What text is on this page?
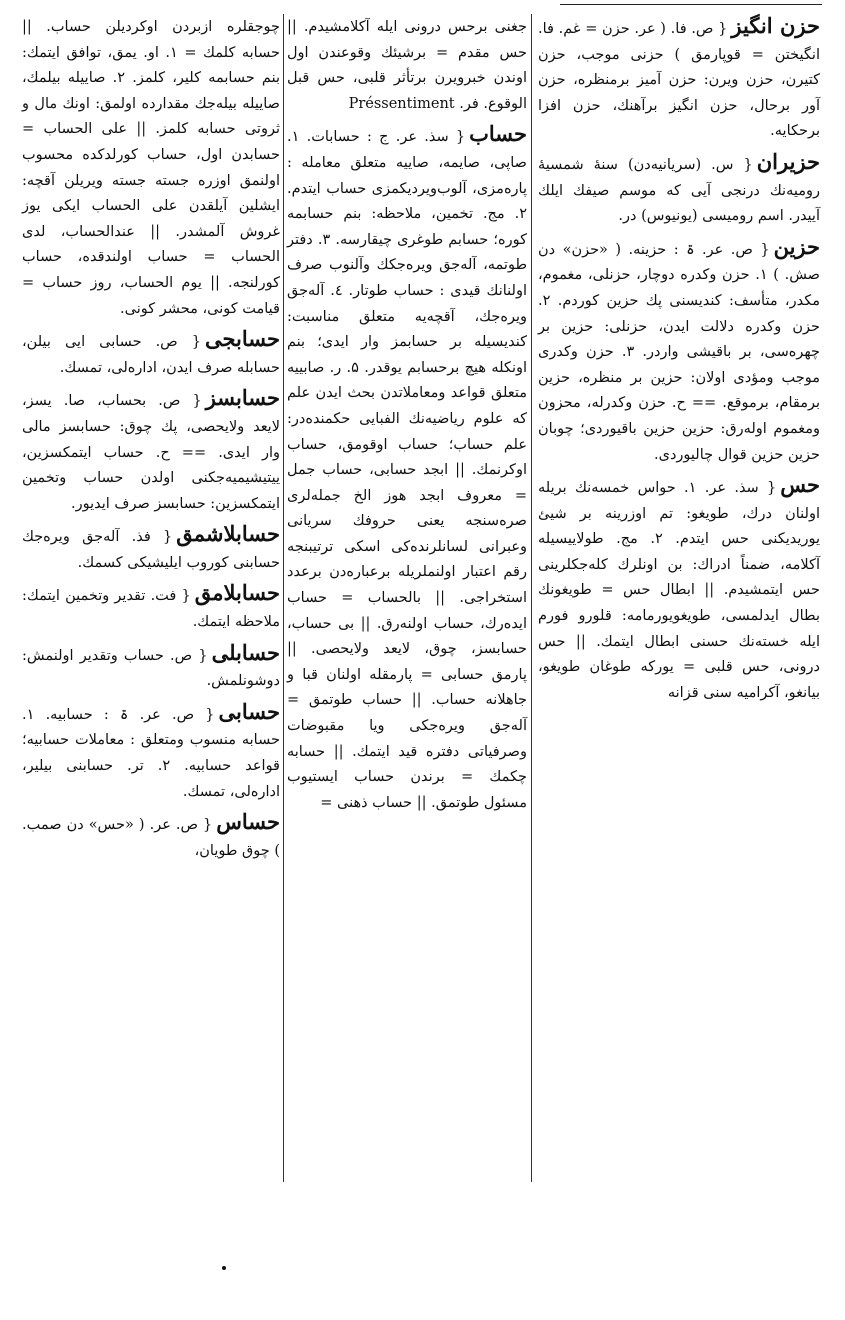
حزن انگیز{ ص. فا. ( عر. حزن = غم. فا. انگیختن = قوپارمق ) حزنی موجب، حزن کتیرن، حزن ویرن: حزن آمیز برمنظره، حزن آور برحال، حزن انگیز برآهنك، حزن افزا برحکایه.

حزیران{ س. (سریانیه‌دن) سنهٔ شمسیهٔ رومیه‌نك درنجی آیی که موسم صیفك ایلك آییدر. اسم رومیسی (یونیوس) در.

حزین{ ص. عر. ۃ : حزینه. ( «حزن» دن صش. ) ۱. حزن وکدره دوچار، حزنلی، مغموم، مکدر، متأسف: کندیسنی پك حزین کوردم. ۲. حزن وکدره دلالت ایدن، حزنلی: حزین بر چهره‌سی، بر باقیشی واردر. ۳. حزن وکدری موجب ومؤدی اولان: حزین بر منظره، حزین برمقام، برموقع. == ح. حزن وکدرله، محزون ومغموم اوله‌رق: حزین حزین باقیوردی؛ چوبان حزین حزین قوال چالیوردی.

حس{ سذ. عر. ۱. حواس خمسه‌نك بریله اولنان درك، طویغو: تم اوزرینه بر شیئ یوریدیکنی حس ایتدم. ۲. مج. طولاییسیله آکلامه، ضمناً ادراك: بن اونلرك کله‌جکلرینی حس ایتمشیدم. || ابطال حس = طویغونك بطال ایدلمسی، طویغویورمامه: قلورو فورم ایله خسته‌نك حسنی ابطال ایتمك. || حس درونی، حس قلبی = یورکه طوغان طویغو، بیانغو، آکرامیه سنی قزانه‌

جغنی برحس درونی ایله آکلامشیدم. || حس مقدم = برشیئك وقوعندن اول اوندن خبرویرن برتأثر قلبی، حس قبل الوقوع. فر. Préssentiment

حساب{ سذ. عر. ج : حسابات. ۱. صاپی، صایمه، صاییه متعلق معامله : پاره‌مزی، آلوب‌ویردیکمزی حساب ایتدم. ۲. مج. تخمین، ملاحظه: بنم حسابمه کوره؛ حسابم طوغری چیقارسه. ۳. دفتر طوتمه، آله‌جق ویره‌جکك وآلنوب صرف اولنانك قیدی : حساب طوتار. ٤. آله‌جق ویره‌جك، آقچه‌یه متعلق مناسبت: کندیسیله بر حسابمز وار ایدی؛ بنم اونکله هیچ برحسابم یوقدر. ۵. ر. صابییه متعلق قواعد ومعاملاتدن بحث ایدن علم که علوم ریاضیه‌نك الفبایی حکمنده‌در: علم حساب؛ حساب اوقومق، حساب اوکرنمك. || ابجد حسابی، حساب جمل = معروف ابجد هوز الخ جمله‌لری صره‌سنجه یعنی حروفك سریانی وعبرانی لسانلرنده‌کی اسکی ترتیبنجه رقم اعتبار اولنملریله برعباره‌دن برعدد استخراجی. || بالحساب = حساب ایدەرك، حساب اولنه‌رق. || بی حساب، حسابسز، چوق، لایعد ولایحصی. || پارمق حسابی = پارمقله اولنان قبا و جاهلانه حساب. || حساب طوتمق = آله‌جق ویره‌جکی ویا مقبوضات وصرفیاتی دفتره قید ایتمك. || حسابه چکمك = برندن حساب ایستیوب مسئول طوتمق. || حساب ذهنی =

چوجقلره ازبردن اوکردیلن حساب. || حسابه کلمك = ۱. او. یمق، توافق ایتمك: بنم حسابمه کلیر، کلمز. ۲. صاییله بیلمك، صاییله بیله‌جك مقدارده اولمق: اونك مال و ثروتی حسابه کلمز. || علی الحساب = حسابدن اول، حساب کورلدکده محسوب اولنمق اوزره جسته جسته ویریلن آقچه: ایشلین آیلقدن علی الحساب ایکی یوز غروش آلمشدر. || عندالحساب، لدی الحساب = حساب اولندقده، حساب کورلنجه. || یوم الحساب، روز حساب = قیامت کونی، محشر کونی.

حسابجی{ ص. حسابی ایی بیلن، حسابله صرف ایدن، اداره‌لی، تمسك.

حسابسز{ ص. بحساب، صا. یسز، لایعد ولایحصی، پك چوق: حسابسز مالی وار ایدی. == ح. حساب ایتمکسزین، ییتیشیمیه‌جکنی اولدن حساب وتخمین ایتمکسزین: حسابسز صرف ایدیور.

حسابلاشمق{ فذ. آله‌جق ویره‌جك حسابنی کوروب ایلیشیکی کسمك.

حسابلامق{ فت. تقدیر وتخمین ایتمك: ملاحظه ایتمك.

حسابلی{ ص. حساب وتقدیر اولنمش: دوشونلمش.

حسابی{ ص. عر. ۃ : حسابیه. ۱. حسابه منسوب ومتعلق : معاملات حسابیه؛ قواعد حسابیه. ۲. تر. حسابنی بیلیر، اداره‌لی، تمسك.

حساس{ ص. عر. ( «حس» دن صمب. ) چوق طویان،
